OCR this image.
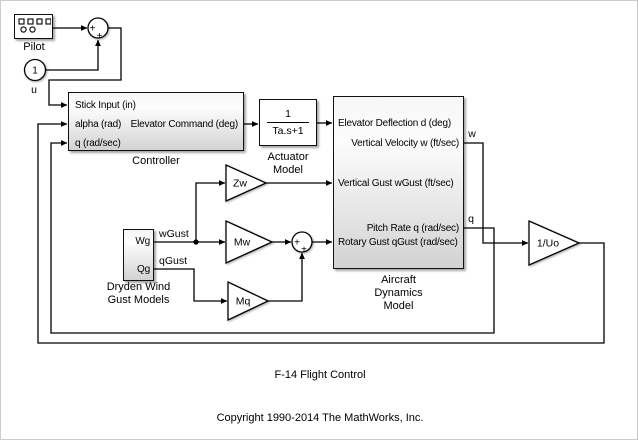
+
+
1
u
Zw
Mw
Mq
+
+
1/Uo
w
q
wGust
qGust
Pilot
Stick Input (in)
alpha (rad)
q (rad/sec)
Elevator Command (deg)
Controller
1
Ta.s+1
Actuator
Model
Elevator Deflection d (deg)
Vertical Velocity w (ft/sec)
Vertical Gust wGust (ft/sec)
Pitch Rate q (rad/sec)
Rotary Gust qGust (rad/sec)
Aircraft
Dynamics
Model
Wg
Qg
Dryden Wind
Gust Models
F-14 Flight Control
Copyright 1990-2014 The MathWorks, Inc.
